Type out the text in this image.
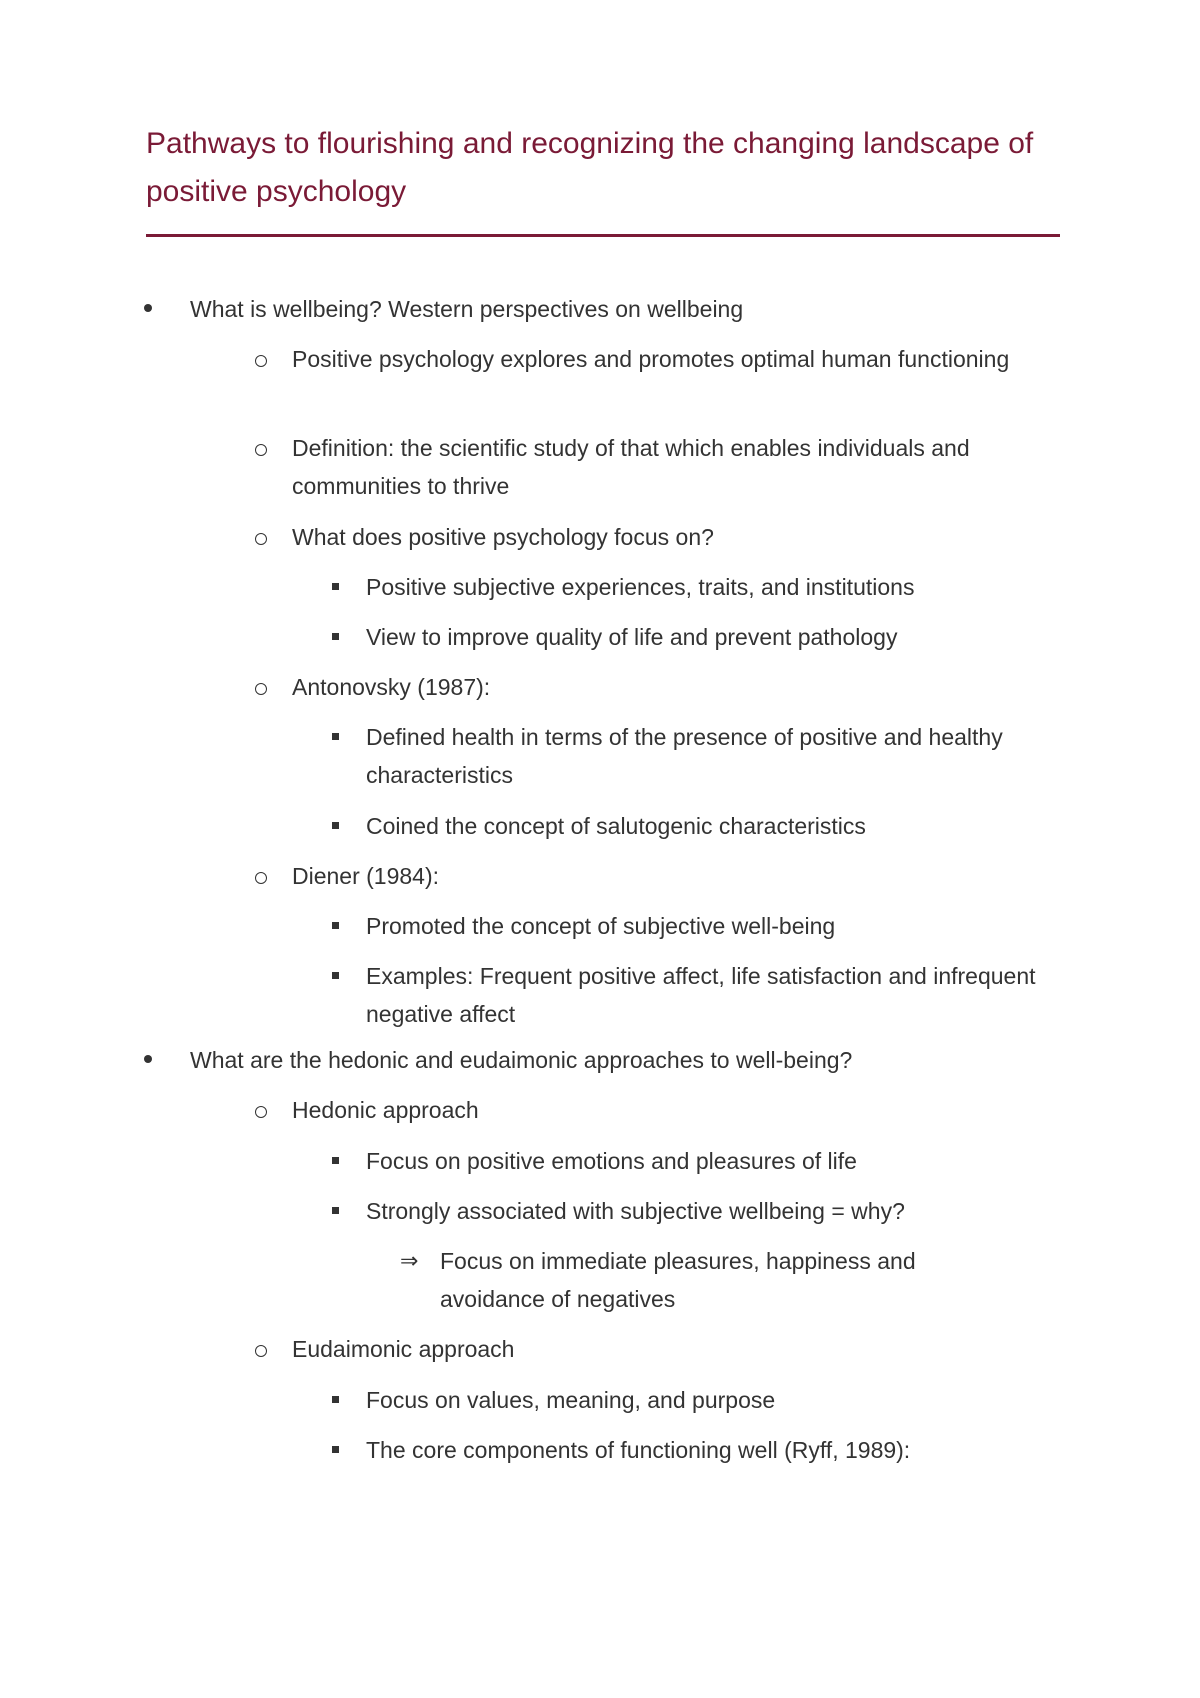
Pathways to flourishing and recognizing the changing landscape of positive psychology
What is wellbeing? Western perspectives on wellbeing
Positive psychology explores and promotes optimal human functioning
Definition: the scientific study of that which enables individuals and communities to thrive
What does positive psychology focus on?
Positive subjective experiences, traits, and institutions
View to improve quality of life and prevent pathology
Antonovsky (1987):
Defined health in terms of the presence of positive and healthy characteristics
Coined the concept of salutogenic characteristics
Diener (1984):
Promoted the concept of subjective well-being
Examples: Frequent positive affect, life satisfaction and infrequent negative affect
What are the hedonic and eudaimonic approaches to well-being?
Hedonic approach
Focus on positive emotions and pleasures of life
Strongly associated with subjective wellbeing = why?
⇒ Focus on immediate pleasures, happiness and avoidance of negatives
Eudaimonic approach
Focus on values, meaning, and purpose
The core components of functioning well (Ryff, 1989):
